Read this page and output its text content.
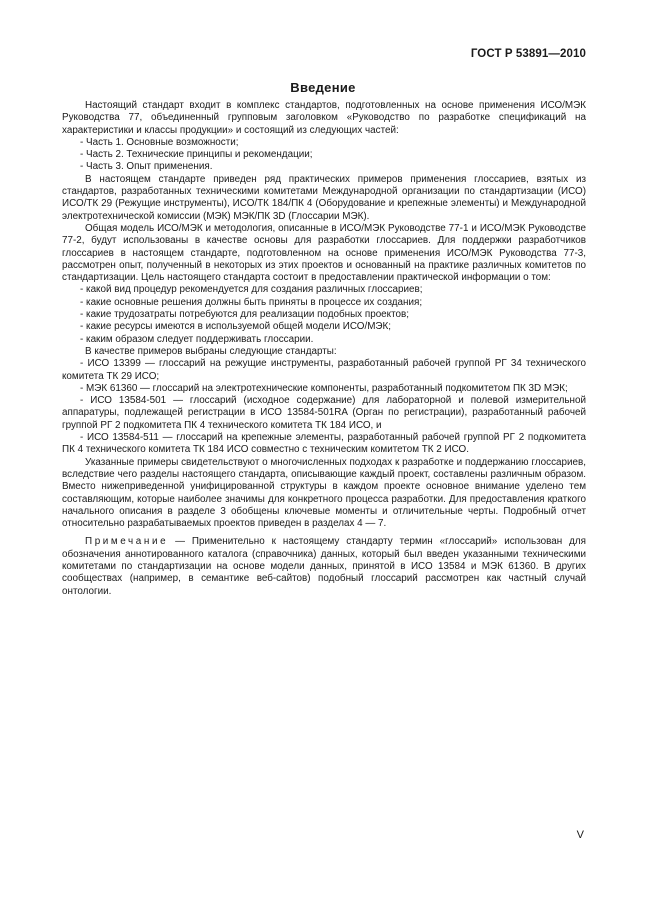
ГОСТ Р 53891—2010
Введение

Настоящий стандарт входит в комплекс стандартов, подготовленных на основе применения ИСО/МЭК Руководства 77, объединенный групповым заголовком «Руководство по разработке спецификаций на характеристики и классы продукции» и состоящий из следующих частей:

- Часть 1. Основные возможности;

- Часть 2. Технические принципы и рекомендации;

- Часть 3. Опыт применения.

В настоящем стандарте приведен ряд практических примеров применения глоссариев, взятых из стандартов, разработанных техническими комитетами Международной организации по стандартизации (ИСО) ИСО/ТК 29 (Режущие инструменты), ИСО/ТК 184/ПК 4 (Оборудование и крепежные элементы) и Международной электротехнической комиссии (МЭК) МЭК/ПК 3D (Глоссарии МЭК).

Общая модель ИСО/МЭК и методология, описанные в ИСО/МЭК Руководстве 77-1 и ИСО/МЭК Руководстве 77-2, будут использованы в качестве основы для разработки глоссариев. Для поддержки разработчиков глоссариев в настоящем стандарте, подготовленном на основе применения ИСО/МЭК Руководства 77-3, рассмотрен опыт, полученный в некоторых из этих проектов и основанный на практике различных комитетов по стандартизации. Цель настоящего стандарта состоит в предоставлении практической информации о том:

- какой вид процедур рекомендуется для создания различных глоссариев;

- какие основные решения должны быть приняты в процессе их создания;

- какие трудозатраты потребуются для реализации подобных проектов;

- какие ресурсы имеются в используемой общей модели ИСО/МЭК;

- каким образом следует поддерживать глоссарии.

В качестве примеров выбраны следующие стандарты:

- ИСО 13399 — глоссарий на режущие инструменты, разработанный рабочей группой РГ 34 технического комитета ТК 29 ИСО;

- МЭК 61360 — глоссарий на электротехнические компоненты, разработанный подкомитетом ПК 3D МЭК;

- ИСО 13584-501 — глоссарий (исходное содержание) для лабораторной и полевой измерительной аппаратуры, подлежащей регистрации в ИСО 13584-501RA (Орган по регистрации), разработанный рабочей группой РГ 2 подкомитета ПК 4 технического комитета ТК 184 ИСО, и

- ИСО 13584-511 — глоссарий на крепежные элементы, разработанный рабочей группой РГ 2 подкомитета ПК 4 технического комитета ТК 184 ИСО совместно с техническим комитетом ТК 2 ИСО.

Указанные примеры свидетельствуют о многочисленных подходах к разработке и поддержанию глоссариев, вследствие чего разделы настоящего стандарта, описывающие каждый проект, составлены различным образом. Вместо нижеприведенной унифицированной структуры в каждом проекте основное внимание уделено тем составляющим, которые наиболее значимы для конкретного процесса разработки. Для предоставления краткого начального описания в разделе 3 обобщены ключевые моменты и отличительные черты. Подробный отчет относительно разрабатываемых проектов приведен в разделах 4 — 7.

Примечание — Применительно к настоящему стандарту термин «глоссарий» использован для обозначения аннотированного каталога (справочника) данных, который был введен указанными техническими комитетами по стандартизации на основе модели данных, принятой в ИСО 13584 и МЭК 61360. В других сообществах (например, в семантике веб-сайтов) подобный глоссарий рассмотрен как частный случай онтологии.

V
